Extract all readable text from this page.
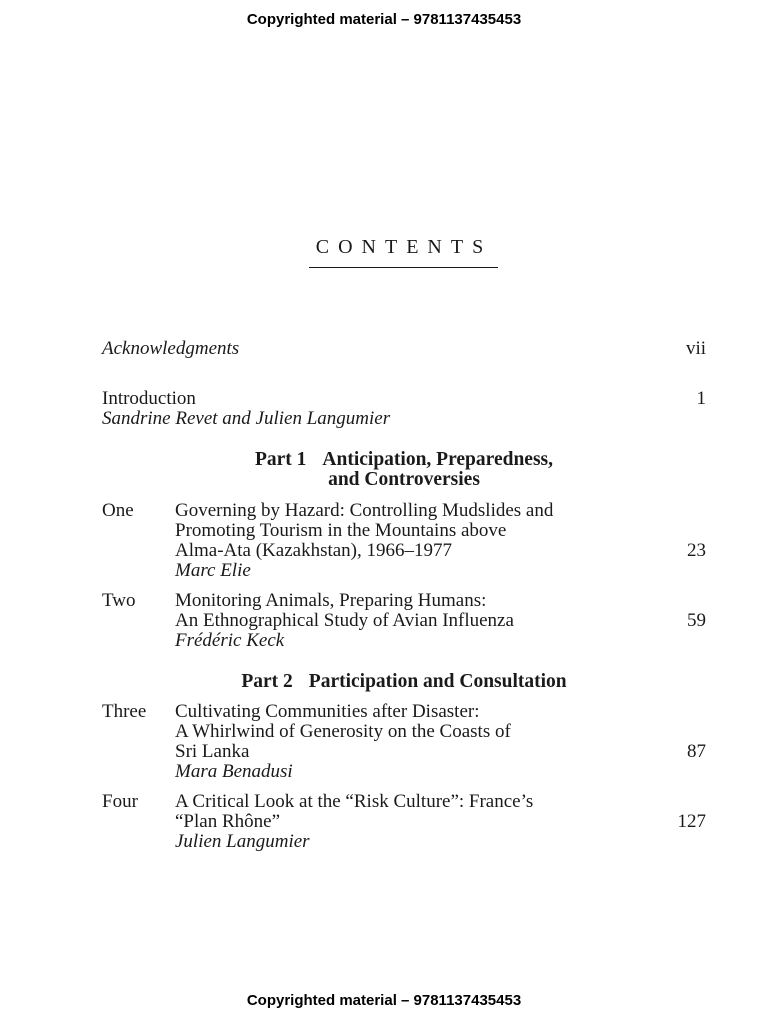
Copyrighted material – 9781137435453
CONTENTS
Acknowledgments	vii
Introduction	1
Sandrine Revet and Julien Langumier
Part 1 Anticipation, Preparedness,
and Controversies
One Governing by Hazard: Controlling Mudslides and
Promoting Tourism in the Mountains above
Alma-Ata (Kazakhstan), 1966–1977	23
Marc Elie
Two Monitoring Animals, Preparing Humans:
An Ethnographical Study of Avian Influenza	59
Frédéric Keck
Part 2 Participation and Consultation
Three Cultivating Communities after Disaster:
A Whirlwind of Generosity on the Coasts of
Sri Lanka	87
Mara Benadusi
Four A Critical Look at the “Risk Culture”: France’s
“Plan Rhône”	127
Julien Langumier
Copyrighted material – 9781137435453
